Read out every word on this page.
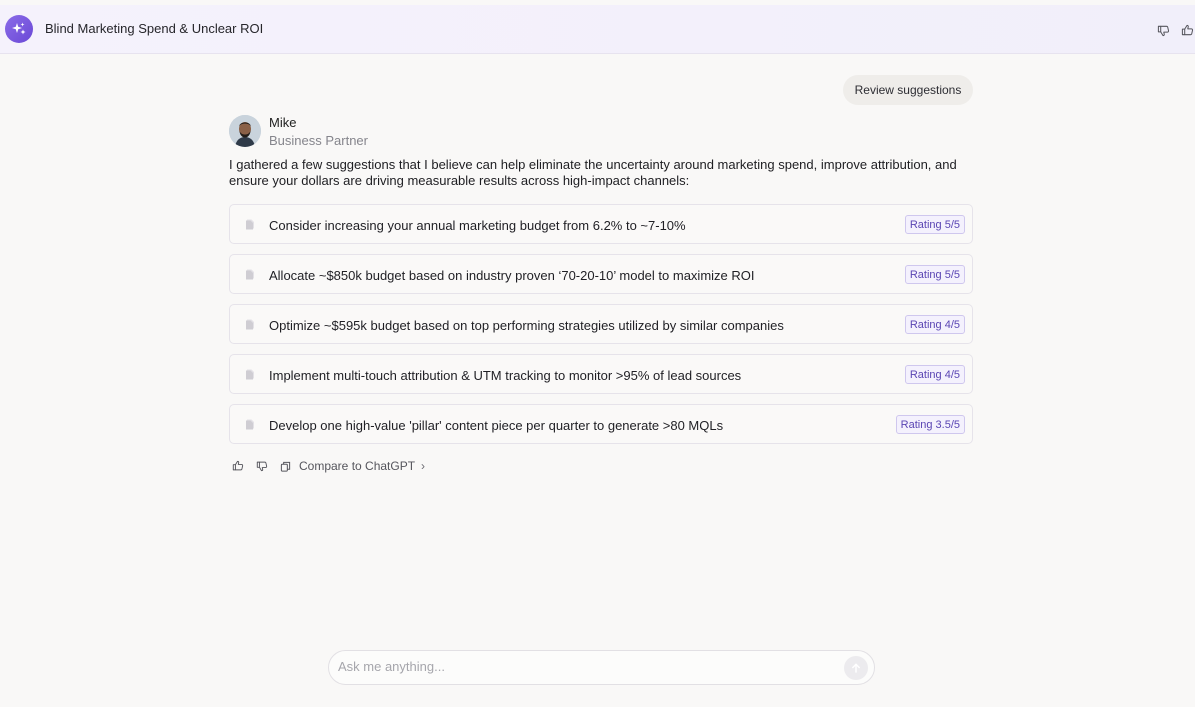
Blind Marketing Spend & Unclear ROI
Review suggestions
Mike
Business Partner
I gathered a few suggestions that I believe can help eliminate the uncertainty around marketing spend, improve attribution, and ensure your dollars are driving measurable results across high-impact channels:
Consider increasing your annual marketing budget from 6.2% to ~7-10%	Rating 5/5
Allocate ~$850k budget based on industry proven ‘70-20-10’ model to maximize ROI	Rating 5/5
Optimize ~$595k budget based on top performing strategies utilized by similar companies	Rating 4/5
Implement multi-touch attribution & UTM tracking to monitor >95% of lead sources	Rating 4/5
Develop one high-value 'pillar' content piece per quarter to generate >80 MQLs	Rating 3.5/5
Compare to ChatGPT ›
Ask me anything...
